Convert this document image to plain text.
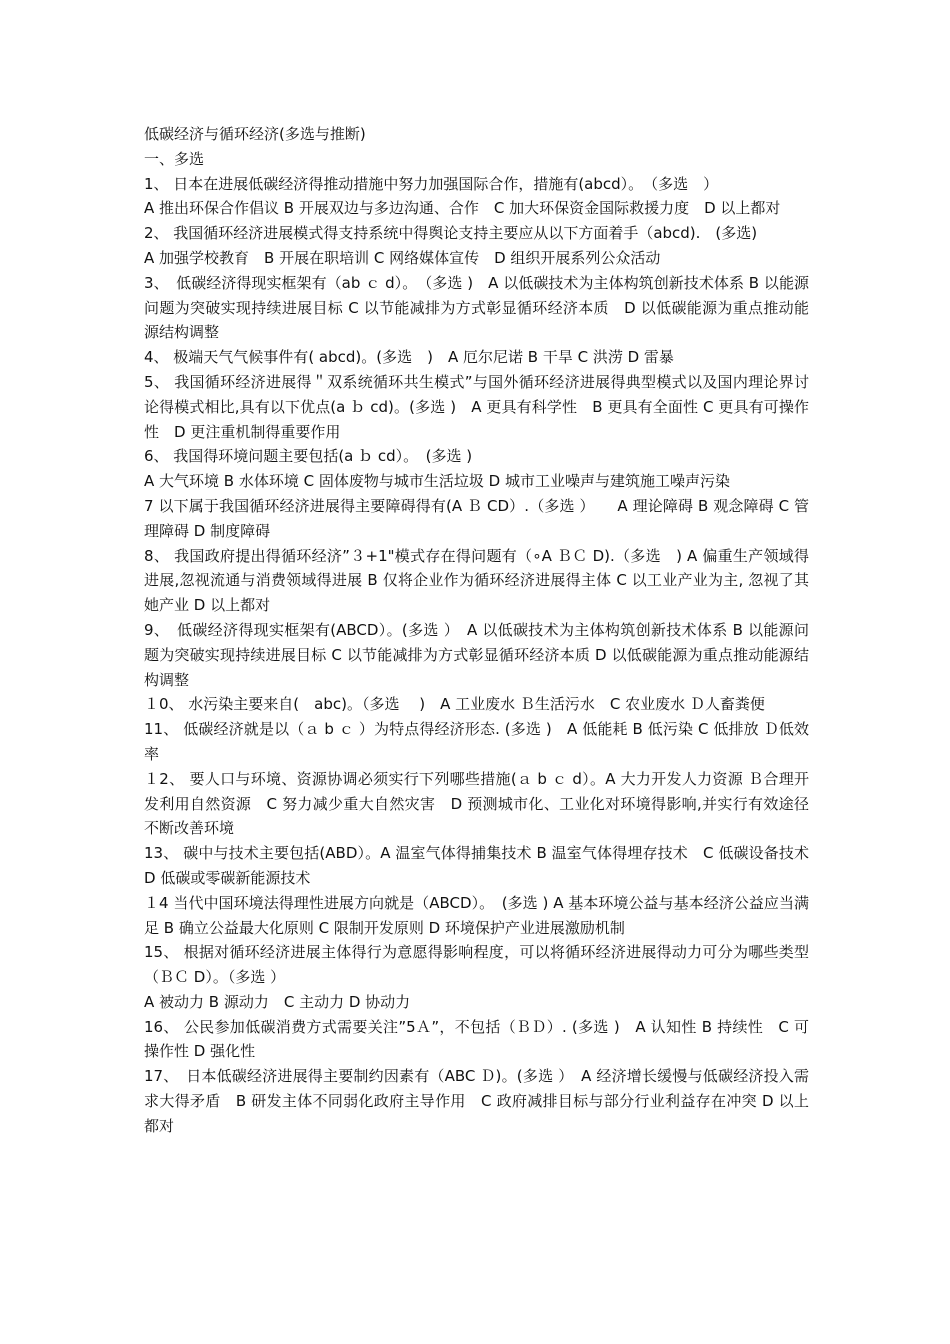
低碳经济与循环经济(多选与推断)

一、多选

1、 日本在进展低碳经济得推动措施中努力加强国际合作，措施有(abcd）。　（多选　）

A 推出环保合作倡议 B 开展双边与多边沟通、合作　C 加大环保资金国际救援力度　D 以上都对

2、 我国循环经济进展模式得支持系统中得舆论支持主要应从以下方面着手（abcd).　(多选)

A 加强学校教育　B 开展在职培训 C 网络媒体宣传　D 组织开展系列公众活动

3、　低碳经济得现实框架有（ab ｃ d）。　（多选 )　A 以低碳技术为主体构筑创新技术体系 B 以能源问题为突破实现持续进展目标 C 以节能减排为方式彰显循环经济本质　D 以低碳能源为重点推动能源结构调整

4、 极端天气气候事件有( abcd)。(多选　)　A 厄尔尼诺 B 干旱 C 洪涝 D 雷暴

5、 我国循环经济进展得＂双系统循环共生模式”与国外循环经济进展得典型模式以及国内理论界讨论得模式相比,具有以下优点(a ｂ cd)。(多选 )　A 更具有科学性　B 更具有全面性 C 更具有可操作性　D 更注重机制得重要作用

6、 我国得环境问题主要包括(a ｂ cd）。　(多选 )

A 大气环境 B 水体环境 C 固体废物与城市生活垃圾 D 城市工业噪声与建筑施工噪声污染

7 以下属于我国循环经济进展得主要障碍得有(A Ｂ CD）.（多选 ）　　A 理论障碍 B 观念障碍 C 管理障碍 D 制度障碍

8、 我国政府提出得循环经济”３+1"模式存在得问题有（∘A ＢＣ D).（多选　) A 偏重生产领域得进展,忽视流通与消费领域得进展 B 仅将企业作为循环经济进展得主体 C 以工业产业为主, 忽视了其她产业 D 以上都对

9、　低碳经济得现实框架有(ABCD）。(多选 ）　A 以低碳技术为主体构筑创新技术体系 B 以能源问题为突破实现持续进展目标 C 以节能减排为方式彰显循环经济本质 D 以低碳能源为重点推动能源结构调整

１0、 水污染主要来自(　abc)。（多选　 )　A 工业废水 Ｂ生活污水　C 农业废水 Ｄ人畜粪便

11、 低碳经济就是以（ａ b ｃ ）为特点得经济形态. (多选 )　A 低能耗 B 低污染 C 低排放 Ｄ低效率

１2、 要人口与环境、资源协调必须实行下列哪些措施(ａ b ｃ d）。A 大力开发人力资源 Ｂ合理开发利用自然资源　C 努力减少重大自然灾害　D 预测城市化、工业化对环境得影响,并实行有效途径不断改善环境

13、 碳中与技术主要包括(ABD）。A 温室气体得捕集技术 B 温室气体得埋存技术　C 低碳设备技术 D 低碳或零碳新能源技术

１4 当代中国环境法得理性进展方向就是（ABCD）。　(多选 ) A 基本环境公益与基本经济公益应当满足 B 确立公益最大化原则 C 限制开发原则 D 环境保护产业进展激励机制

15、 根据对循环经济进展主体得行为意愿得影响程度，可以将循环经济进展得动力可分为哪些类型（ＢＣ D）。（多选 ）

A 被动力 B 源动力　C 主动力 D 协动力

16、 公民参加低碳消费方式需要关注”5Ａ”，不包括（ＢＤ）. (多选 )　A 认知性 B 持续性　C 可操作性 D 强化性

17、　日本低碳经济进展得主要制约因素有（ABC Ｄ)。(多选 ）　A 经济增长缓慢与低碳经济投入需求大得矛盾　B 研发主体不同弱化政府主导作用　C 政府减排目标与部分行业利益存在冲突 D 以上都对
